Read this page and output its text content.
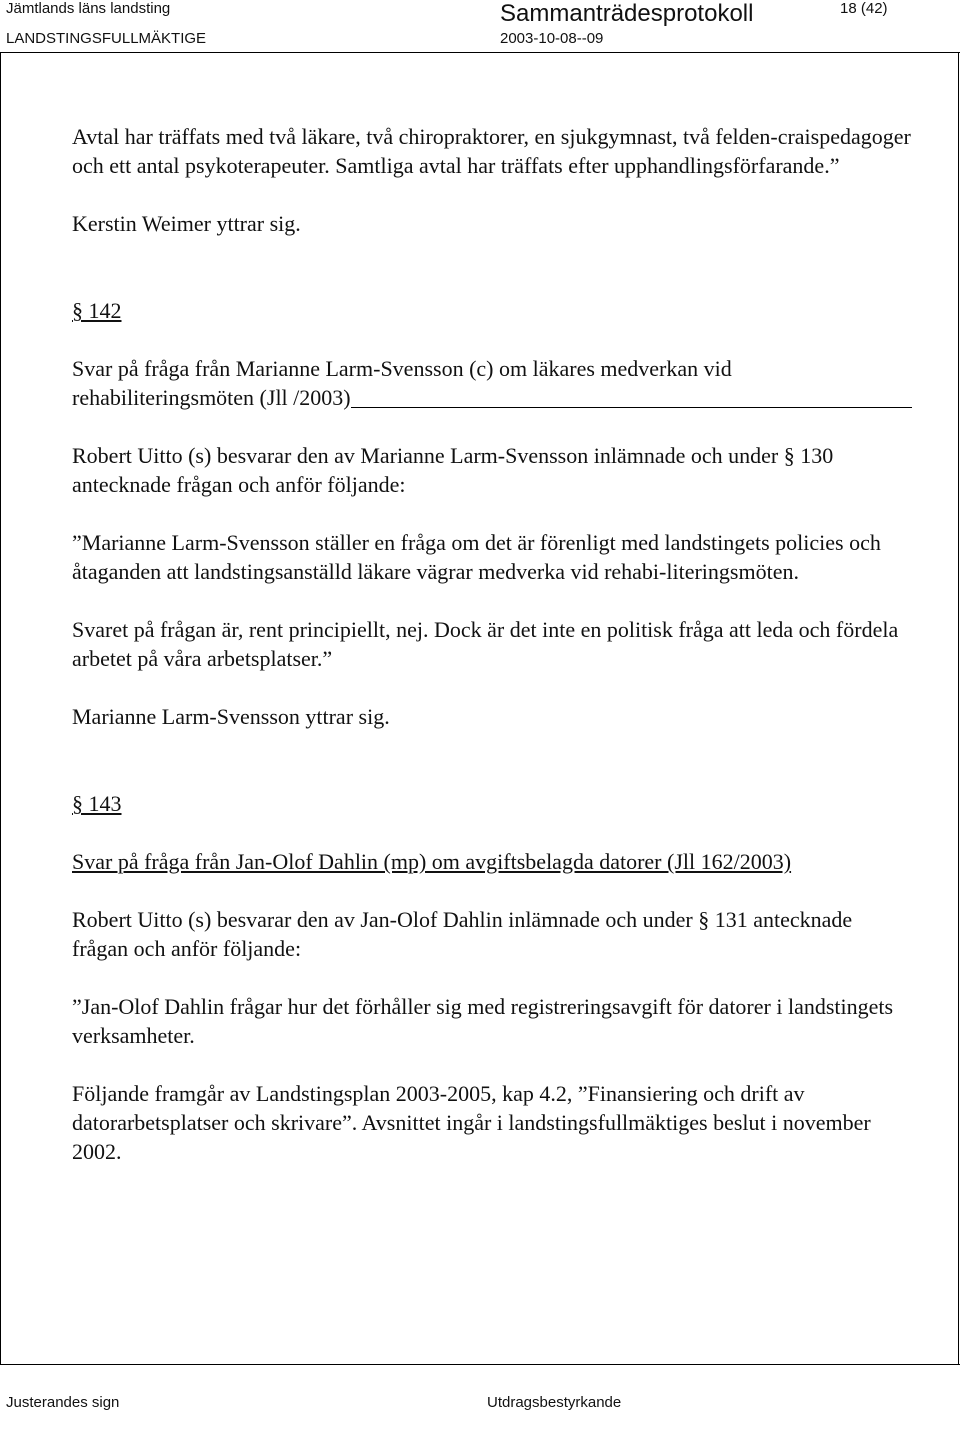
Jämtlands läns landsting	Sammanträdesprotokoll	18 (42)
LANDSTINGSFULLMÄKTIGE	2003-10-08--09

Avtal har träffats med två läkare, två chiropraktorer, en sjukgymnast, två felden-craispedagoger och ett antal psykoterapeuter. Samtliga avtal har träffats efter upphandlingsförfarande.”

Kerstin Weimer yttrar sig.

§ 142

Svar på fråga från Marianne Larm-Svensson (c) om läkares medverkan vid
rehabiliteringsmöten (Jll /2003)

Robert Uitto (s) besvarar den av Marianne Larm-Svensson inlämnade och under § 130 antecknade frågan och anför följande:

”Marianne Larm-Svensson ställer en fråga om det är förenligt med landstingets policies och åtaganden att landstingsanställd läkare vägrar medverka vid rehabi-literingsmöten.

Svaret på frågan är, rent principiellt, nej. Dock är det inte en politisk fråga att leda och fördela arbetet på våra arbetsplatser.”

Marianne Larm-Svensson yttrar sig.

§ 143

Svar på fråga från Jan-Olof Dahlin (mp) om avgiftsbelagda datorer (Jll 162/2003)

Robert Uitto (s) besvarar den av Jan-Olof Dahlin inlämnade och under § 131 antecknade frågan och anför följande:

”Jan-Olof Dahlin frågar hur det förhåller sig med registreringsavgift för datorer i landstingets verksamheter.

Följande framgår av Landstingsplan 2003-2005, kap 4.2, ”Finansiering och drift av datorarbetsplatser och skrivare”. Avsnittet ingår i landstingsfullmäktiges beslut i november 2002.

Justerandes sign	Utdragsbestyrkande
